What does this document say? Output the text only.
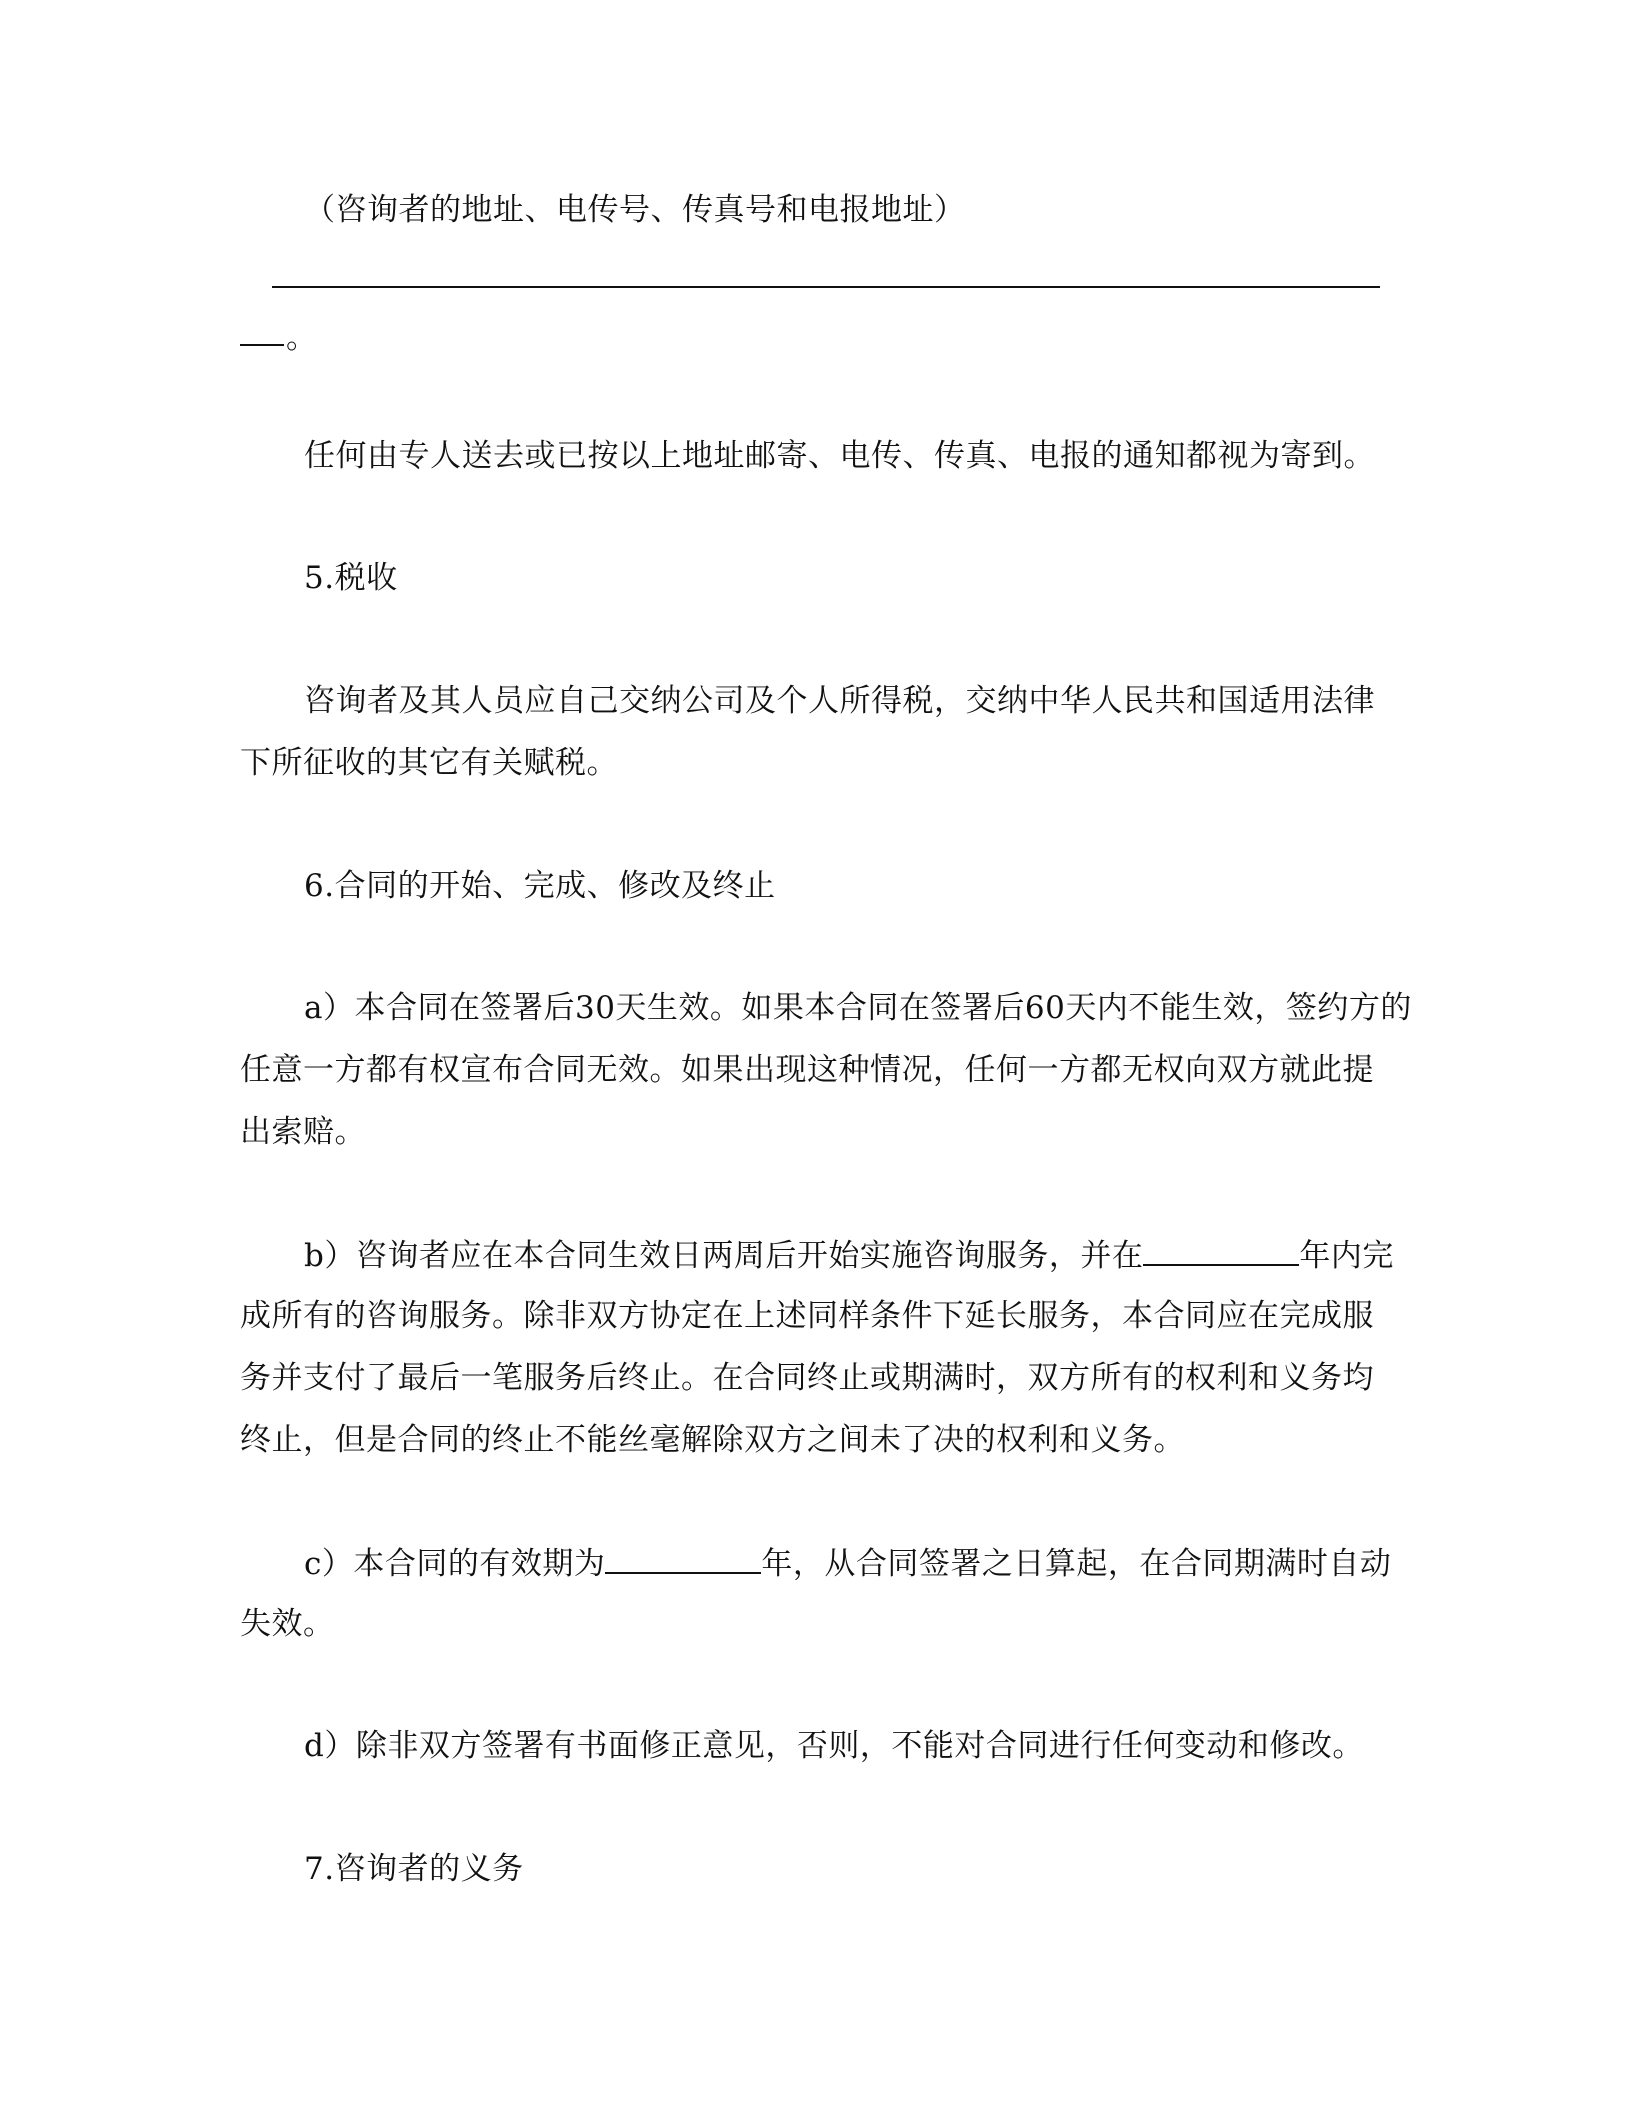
（咨询者的地址、电传号、传真号和电报地址）
。
任何由专人送去或已按以上地址邮寄、电传、传真、电报的通知都视为寄到。
5.税收
咨询者及其人员应自己交纳公司及个人所得税，交纳中华人民共和国适用法律
下所征收的其它有关赋税。
6.合同的开始、完成、修改及终止
a）本合同在签署后30天生效。如果本合同在签署后60天内不能生效，签约方的
任意一方都有权宣布合同无效。如果出现这种情况，任何一方都无权向双方就此提
出索赔。
b）咨询者应在本合同生效日两周后开始实施咨询服务，并在	年内完
成所有的咨询服务。除非双方协定在上述同样条件下延长服务，本合同应在完成服
务并支付了最后一笔服务后终止。在合同终止或期满时，双方所有的权利和义务均
终止，但是合同的终止不能丝毫解除双方之间未了决的权利和义务。
c）本合同的有效期为	年，从合同签署之日算起，在合同期满时自动
失效。
d）除非双方签署有书面修正意见，否则，不能对合同进行任何变动和修改。
7.咨询者的义务
